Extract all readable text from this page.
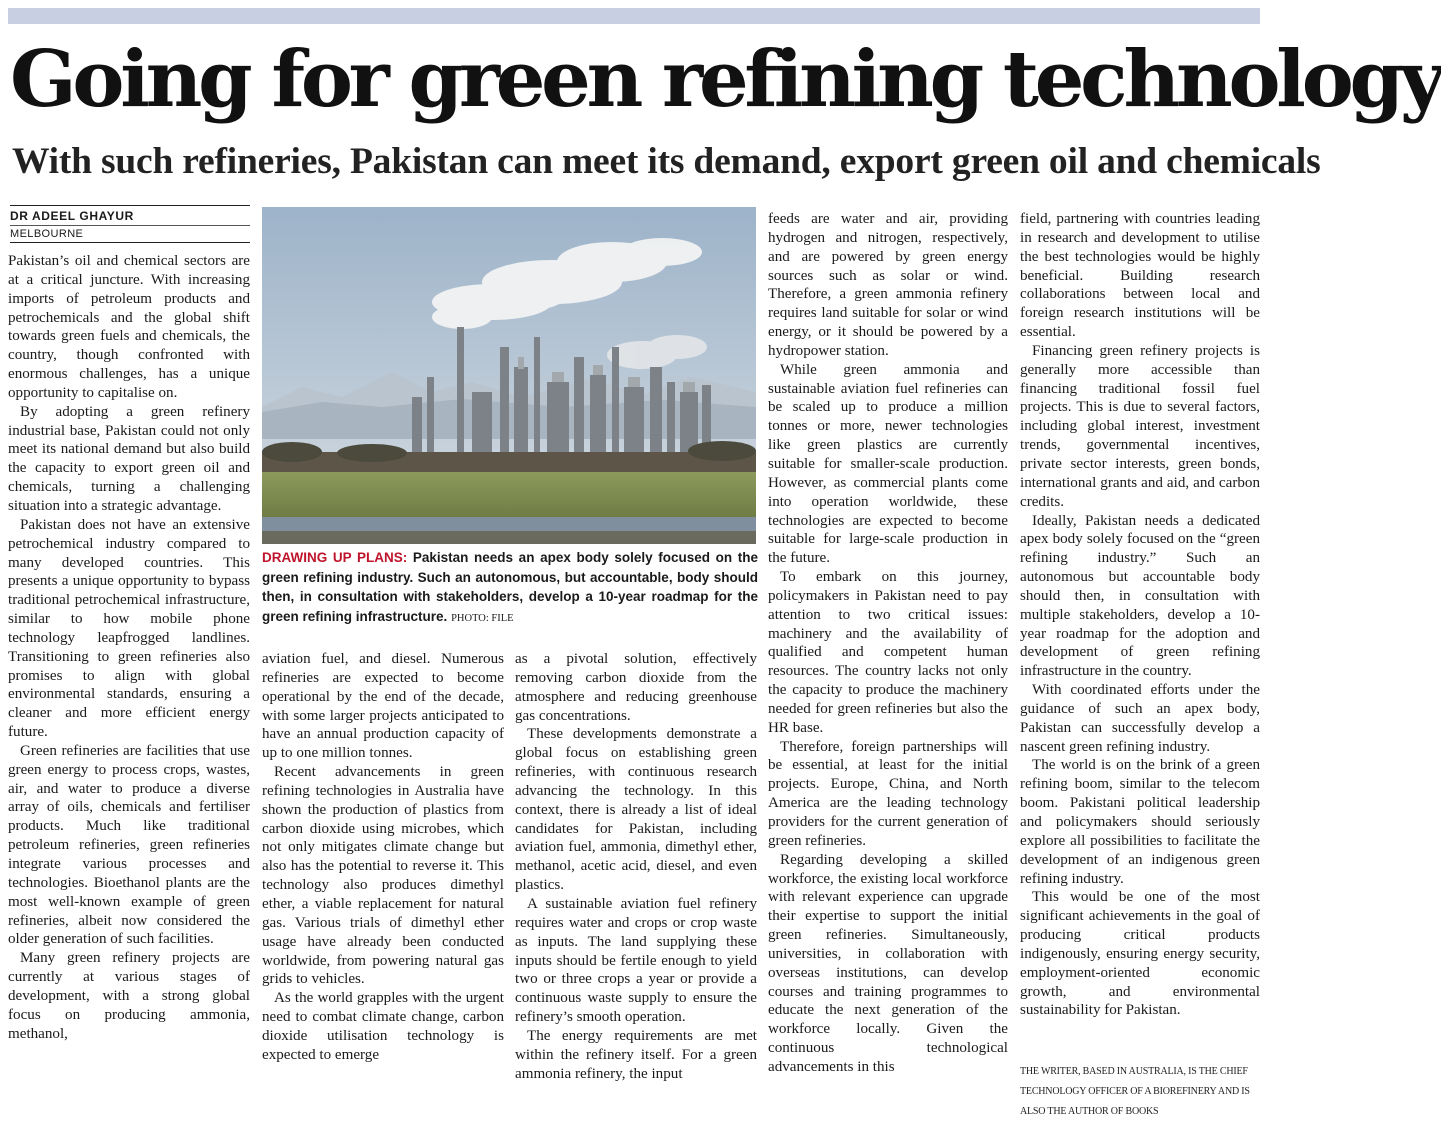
Going for green refining technology
With such refineries, Pakistan can meet its demand, export green oil and chemicals
DR ADEEL GHAYUR
MELBOURNE

Pakistan’s oil and chemical sectors are at a critical juncture. With increasing imports of petroleum products and petrochemicals and the global shift towards green fuels and chemicals, the country, though confronted with enormous challenges, has a unique opportunity to capitalise on.

By adopting a green refinery industrial base, Pakistan could not only meet its national demand but also build the capacity to export green oil and chemicals, turning a challenging situation into a strategic advantage.

Pakistan does not have an extensive petrochemical industry compared to many developed countries. This presents a unique opportunity to bypass traditional petrochemical infrastructure, similar to how mobile phone technology leapfrogged landlines. Transitioning to green refineries also promises to align with global environmental standards, ensuring a cleaner and more efficient energy future.

Green refineries are facilities that use green energy to process crops, wastes, air, and water to produce a diverse array of oils, chemicals and fertiliser products. Much like traditional petroleum refineries, green refineries integrate various processes and technologies. Bioethanol plants are the most well-known example of green refineries, albeit now considered the older generation of such facilities.

Many green refinery projects are currently at various stages of development, with a strong global focus on producing ammonia, methanol,

DRAWING UP PLANS: Pakistan needs an apex body solely focused on the green refining industry. Such an autonomous, but accountable, body should then, in consultation with stakeholders, develop a 10-year roadmap for the green refining infrastructure. PHOTO: FILE

aviation fuel, and diesel. Numerous refineries are expected to become operational by the end of the decade, with some larger projects anticipated to have an annual production capacity of up to one million tonnes.

Recent advancements in green refining technologies in Australia have shown the production of plastics from carbon dioxide using microbes, which not only mitigates climate change but also has the potential to reverse it. This technology also produces dimethyl ether, a viable replacement for natural gas. Various trials of dimethyl ether usage have already been conducted worldwide, from powering natural gas grids to vehicles.

As the world grapples with the urgent need to combat climate change, carbon dioxide utilisation technology is expected to emerge

as a pivotal solution, effectively removing carbon dioxide from the atmosphere and reducing greenhouse gas concentrations.

These developments demonstrate a global focus on establishing green refineries, with continuous research advancing the technology. In this context, there is already a list of ideal candidates for Pakistan, including aviation fuel, ammonia, dimethyl ether, methanol, acetic acid, diesel, and even plastics.

A sustainable aviation fuel refinery requires water and crops or crop waste as inputs. The land supplying these inputs should be fertile enough to yield two or three crops a year or provide a continuous waste supply to ensure the refinery’s smooth operation.

The energy requirements are met within the refinery itself. For a green ammonia refinery, the input

feeds are water and air, providing hydrogen and nitrogen, respectively, and are powered by green energy sources such as solar or wind. Therefore, a green ammonia refinery requires land suitable for solar or wind energy, or it should be powered by a hydropower station.

While green ammonia and sustainable aviation fuel refineries can be scaled up to produce a million tonnes or more, newer technologies like green plastics are currently suitable for smaller-scale production. However, as commercial plants come into operation worldwide, these technologies are expected to become suitable for large-scale production in the future.

To embark on this journey, policymakers in Pakistan need to pay attention to two critical issues: machinery and the availability of qualified and competent human resources. The country lacks not only the capacity to produce the machinery needed for green refineries but also the HR base.

Therefore, foreign partnerships will be essential, at least for the initial projects. Europe, China, and North America are the leading technology providers for the current generation of green refineries.

Regarding developing a skilled workforce, the existing local workforce with relevant experience can upgrade their expertise to support the initial green refineries. Simultaneously, universities, in collaboration with overseas institutions, can develop courses and training programmes to educate the next generation of the workforce locally. Given the continuous technological advancements in this

field, partnering with countries leading in research and development to utilise the best technologies would be highly beneficial. Building research collaborations between local and foreign research institutions will be essential.

Financing green refinery projects is generally more accessible than financing traditional fossil fuel projects. This is due to several factors, including global interest, investment trends, governmental incentives, private sector interests, green bonds, international grants and aid, and carbon credits.

Ideally, Pakistan needs a dedicated apex body solely focused on the “green refining industry.” Such an autonomous but accountable body should then, in consultation with multiple stakeholders, develop a 10-year roadmap for the adoption and development of green refining infrastructure in the country.

With coordinated efforts under the guidance of such an apex body, Pakistan can successfully develop a nascent green refining industry.

The world is on the brink of a green refining boom, similar to the telecom boom. Pakistani political leadership and policymakers should seriously explore all possibilities to facilitate the development of an indigenous green refining industry.

This would be one of the most significant achievements in the goal of producing critical products indigenously, ensuring energy security, employment-oriented economic growth, and environmental sustainability for Pakistan.

THE WRITER, BASED IN AUSTRALIA, IS THE CHIEF TECHNOLOGY OFFICER OF A BIOREFINERY AND IS ALSO THE AUTHOR OF BOOKS
